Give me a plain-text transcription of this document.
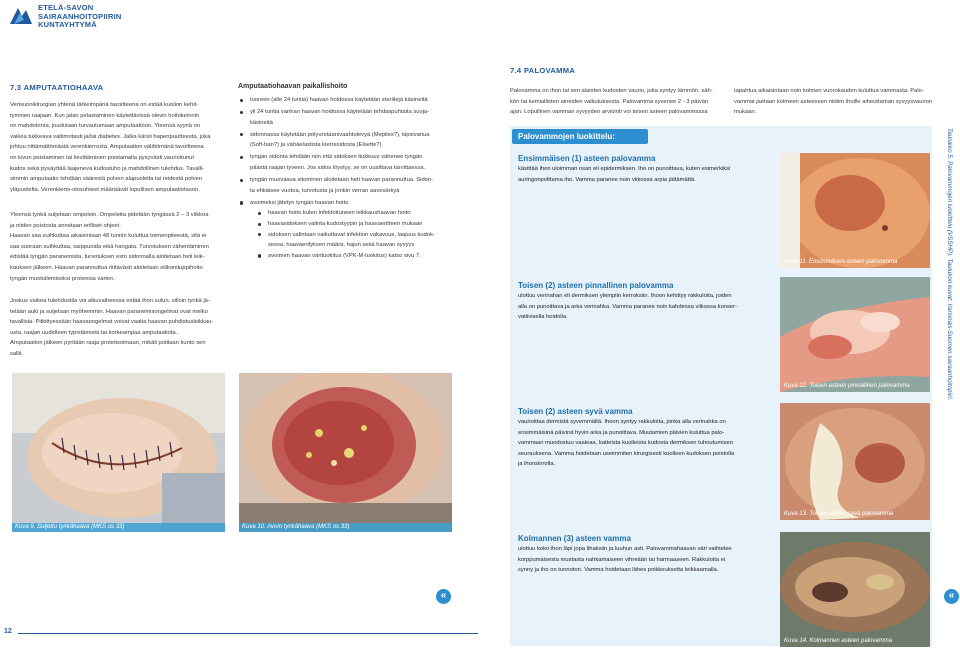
ETELÄ-SAVON
SAIRAANHOITOPIIRIN
KUNTAYHTYMÄ
7.3 AMPUTAATIOHAAVA
Verisuonikirurgian yhtenä tärkeimpänä tavoitteena on estää kuolion kehit-
tyminen raajaan. Kun jalan pelastaminen käytettävissä olevin hoitokeinoin
on mahdotonta, joudutaan turvautumaan amputaatioon. Yleensä syynä on
vaikea tukkeava valtimotauti ja/tai diabetes. Jalka kärsii hapenpuutteesta, joka
johtuu riittämättömästä verenkierrosta. Amputaation välittömänä tavoitteena
on kivun poistaminen tai lievittäminen poistamalla pysyvästi vaurioitunut
kudos sekä pysäyttää laajeneva kudostuho ja mahdollinen tulehdus. Tavalli-
simmin amputaatio tehdään säärestä polven alapuolelta tai reidestä polven
yläpuolelta. Verenkierto-olosuhteet määräävät lopullisen amputaatiotason.
Yleensä tynkä suljetaan ompelein. Ompeleita pidetään tyngässä 2 – 3 viikkoa
ja niiden poistosta annetaan erilliset ohjeet.
Haavan saa suihkuttaa aikaisintaan 48 tunnin kuluttua toimenpiteestä, sitä ei
saa suoraan suihkuttaa, saippuoida eikä hangata. Turvotuksen vähentäminen
edistää tyngän paranemista, turvotuksen esto sidonnalla aloitetaan heti leik-
kauksen jälkeen. Haavan parannuttua riittävästi aloitetaan silikonituppihoito
tyngän muotoilemiseksi proteesia varten.
Joskus vaikea tulehdustila voi alkuvaiheessa estää ihon sulun, silloin tynkä jä-
tetään auki ja suljetaan myöhemmin. Haavan paranemisongelmat ovat melko
tavallisia. Pitkittyessään haavaongelmat voivat vaatia haavan puhdistusleikkau-
usta, raajan uudelleen typistämistä tai korkeampaa amputaatiota..
Amputaation jälkeen pyritään raaja protetisoimaan, mikäli potilaan kunto sen
sallii.
Kuva 9. Suljettu tynkähaava (MKS os 33)
12
Amputaatiohaavan paikallishoito
tuoreen (alle 24 tuntia) haavan hoidossa käytetään steriilejä käsineitä
yli 24 tuntia vanhan haavan hoidossa käytetään tehdaspuhtaita suoja-
käsineitä
sidonnassa käytetään polyuretaanivaahtolevyä (Mepilex?), kipsivanua
(Soft-ban?) ja vähäelastista kierresidosta (Elsette?)
tyngän sidonta tehdään niin että sidoksen tiukkuus vähenee tyngän
päästä raajan tyveen. Jos sidos löystyy, se on uusittava tarvittaessa.
tyngän muovaava sitominen aloitetaan heti haavan parannuttua. Sidon-
ta ehkäisee vuotoa, turvotusta ja jonkin verran aavesärkyä
avoimeksi jätetyn tyngän haavan hoito
haavan hoito kuten infektoituneen leikkaushaavan hoito
haavasidoksen valinta kudostyypin ja haavaeritteen mukaan
sidoksen valintaan vaikuttavat infektion vakavuus, laajuus kudok-
sessa, haavaerityksen määrä, hajun sekä haavan syvyys
avoimen haavan värituokitus (VPK-M-luokitus) katso sivu 7.
Kuva 10. Avoin tynkähaava (MKS os 33)
«
7.4 PALOVAMMA
Palovamma on ihon tai sen alaisten kudosten vaurio, joka syntyy lämmön, säh-
kön tai kemiallisten aineiden vaikutuksesta. Palovamma syvenee 2 - 3 päivän
ajan. Lopullinen vamman syvyyden arviointi voi toisen asteen palovammassa
tapahtua aikaisintaan noin kolmen vuorokauden kuluttua vammasta. Palo-
vammat jaetaan kolmeen asteeseen niiden ihoille aiheuttaman syvyysvaurion
mukaan.
Palovammojen luokittelu:
Ensimmäisen (1) asteen palovamma
käsittää ihon uloimman osan eli epidermiksen. Iho on punoittava, kuten esimerkiksi
auringonpolttama iho. Vamma paranee noin viikossa arpia jättämättä.
Kuva 11. Ensimmäisen asteen palovamma
Toisen (2) asteen pinnallinen palovamma
ulottuu verinahan eli dermiksen ylempiin kerroksiin. Ihoon kehittyy rakkuloita, joiden
alla on punoittava ja arka verinahka. Vamma paranee noin kahdessa viikossa konser-
vatiivisella hoidolla.
Kuva 12. Toisen asteen pinnallinen palovamma
Toisen (2) asteen syvä vamma
vaurioittaa dermistä syvemmältä. Ihoon syntyy rakkuloita, jonka alla verinahka on
ensimmäisinä päivinä hyvin arka ja punoittava. Muutamien päivien kuluttua palo-
vammaan muodostuu vaaleaa, katteista kuolleista kudosta dermiksen tuhoutumisen
seurauksena. Vamma hoidetaan useimmiten kirurgisesti kuolleen kudoksen poistolla
ja ihonsiirrolla.
Kuva 13. Toisen asteen syvä palovamma
Kolmannen (3) asteen vamma
ulottuu koko ihon läpi jopa lihaksiin ja luuhun asti. Palovammahaavan väri vaihtelee
korppumaisesta mustasta nahkamaiseen vihreään tai harmaaseen. Rakkuloita ei
synny ja iho on tunnoton. Vamma hoidetaan lähes poikkeuksetta leikkaamalla.
Kuva 14. Kolmannen asteen palovamma
«
Taulukko 5. Palovammojen luokittelu (VSSHP). Taulukon kuvat: Varsinais-Suomen sairaanhoitopiiri.
